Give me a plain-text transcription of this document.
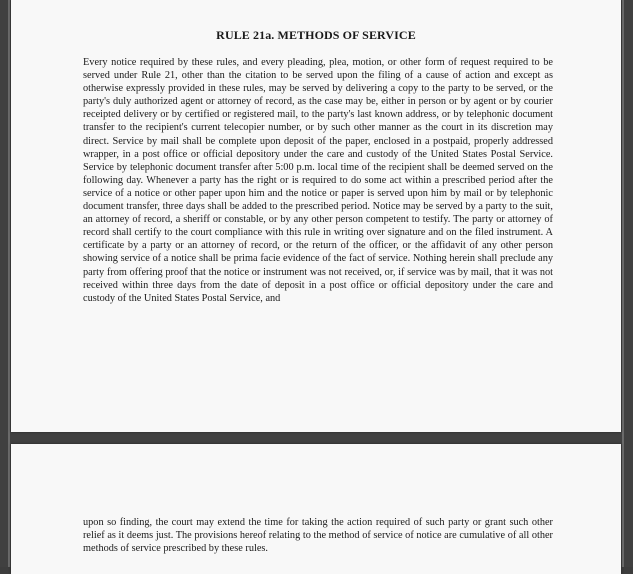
RULE 21a. METHODS OF SERVICE

Every notice required by these rules, and every pleading, plea, motion, or other form of request required to be served under Rule 21, other than the citation to be served upon the filing of a cause of action and except as otherwise expressly provided in these rules, may be served by delivering a copy to the party to be served, or the party's duly authorized agent or attorney of record, as the case may be, either in person or by agent or by courier receipted delivery or by certified or registered mail, to the party's last known address, or by telephonic document transfer to the recipient's current telecopier number, or by such other manner as the court in its discretion may direct. Service by mail shall be complete upon deposit of the paper, enclosed in a postpaid, properly addressed wrapper, in a post office or official depository under the care and custody of the United States Postal Service. Service by telephonic document transfer after 5:00 p.m. local time of the recipient shall be deemed served on the following day. Whenever a party has the right or is required to do some act within a prescribed period after the service of a notice or other paper upon him and the notice or paper is served upon him by mail or by telephonic document transfer, three days shall be added to the prescribed period. Notice may be served by a party to the suit, an attorney of record, a sheriff or constable, or by any other person competent to testify. The party or attorney of record shall certify to the court compliance with this rule in writing over signature and on the filed instrument. A certificate by a party or an attorney of record, or the return of the officer, or the affidavit of any other person showing service of a notice shall be prima facie evidence of the fact of service. Nothing herein shall preclude any party from offering proof that the notice or instrument was not received, or, if service was by mail, that it was not received within three days from the date of deposit in a post office or official depository under the care and custody of the United States Postal Service, and

upon so finding, the court may extend the time for taking the action required of such party or grant such other relief as it deems just. The provisions hereof relating to the method of service of notice are cumulative of all other methods of service prescribed by these rules.
